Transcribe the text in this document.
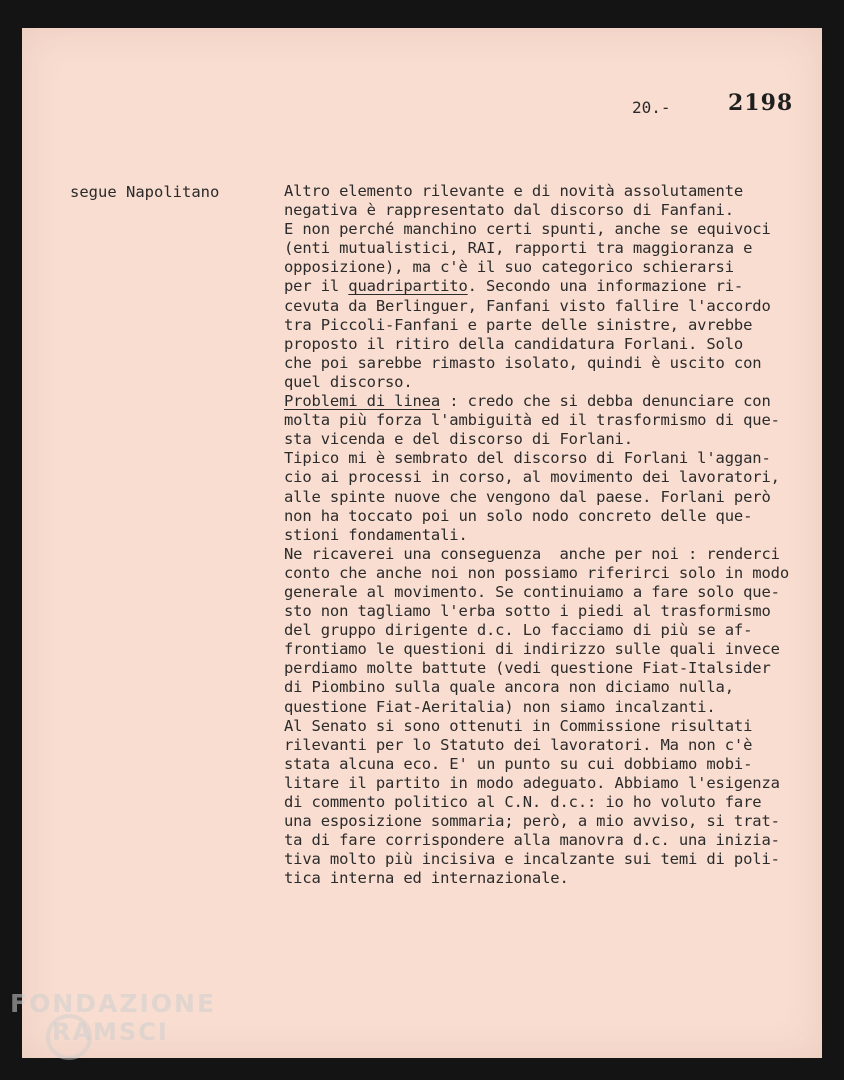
20.-	2198
segue Napolitano	Altro elemento rilevante e di novità assolutamente
negativa è rappresentato dal discorso di Fanfani.
E non perché manchino certi spunti, anche se equivoci
(enti mutualistici, RAI, rapporti tra maggioranza e
opposizione), ma c'è il suo categorico schierarsi
per il quadripartito. Secondo una informazione ri-
cevuta da Berlinguer, Fanfani visto fallire l'accordo
tra Piccoli-Fanfani e parte delle sinistre, avrebbe
proposto il ritiro della candidatura Forlani. Solo
che poi sarebbe rimasto isolato, quindi è uscito con
quel discorso.
Problemi di linea : credo che si debba denunciare con
molta più forza l'ambiguità ed il trasformismo di que-
sta vicenda e del discorso di Forlani.
Tipico mi è sembrato del discorso di Forlani l'aggan-
cio ai processi in corso, al movimento dei lavoratori,
alle spinte nuove che vengono dal paese. Forlani però
non ha toccato poi un solo nodo concreto delle que-
stioni fondamentali.
Ne ricaverei una conseguenza  anche per noi : renderci
conto che anche noi non possiamo riferirci solo in modo
generale al movimento. Se continuiamo a fare solo que-
sto non tagliamo l'erba sotto i piedi al trasformismo
del gruppo dirigente d.c. Lo facciamo di più se af-
frontiamo le questioni di indirizzo sulle quali invece
perdiamo molte battute (vedi questione Fiat-Italsider
di Piombino sulla quale ancora non diciamo nulla,
questione Fiat-Aeritalia) non siamo incalzanti.
Al Senato si sono ottenuti in Commissione risultati
rilevanti per lo Statuto dei lavoratori. Ma non c'è
stata alcuna eco. E' un punto su cui dobbiamo mobi-
litare il partito in modo adeguato. Abbiamo l'esigenza
di commento politico al C.N. d.c.: io ho voluto fare
una esposizione sommaria; però, a mio avviso, si trat-
ta di fare corrispondere alla manovra d.c. una inizia-
tiva molto più incisiva e incalzante sui temi di poli-
tica interna ed internazionale.
FONDAZIONE
RAMSCI
